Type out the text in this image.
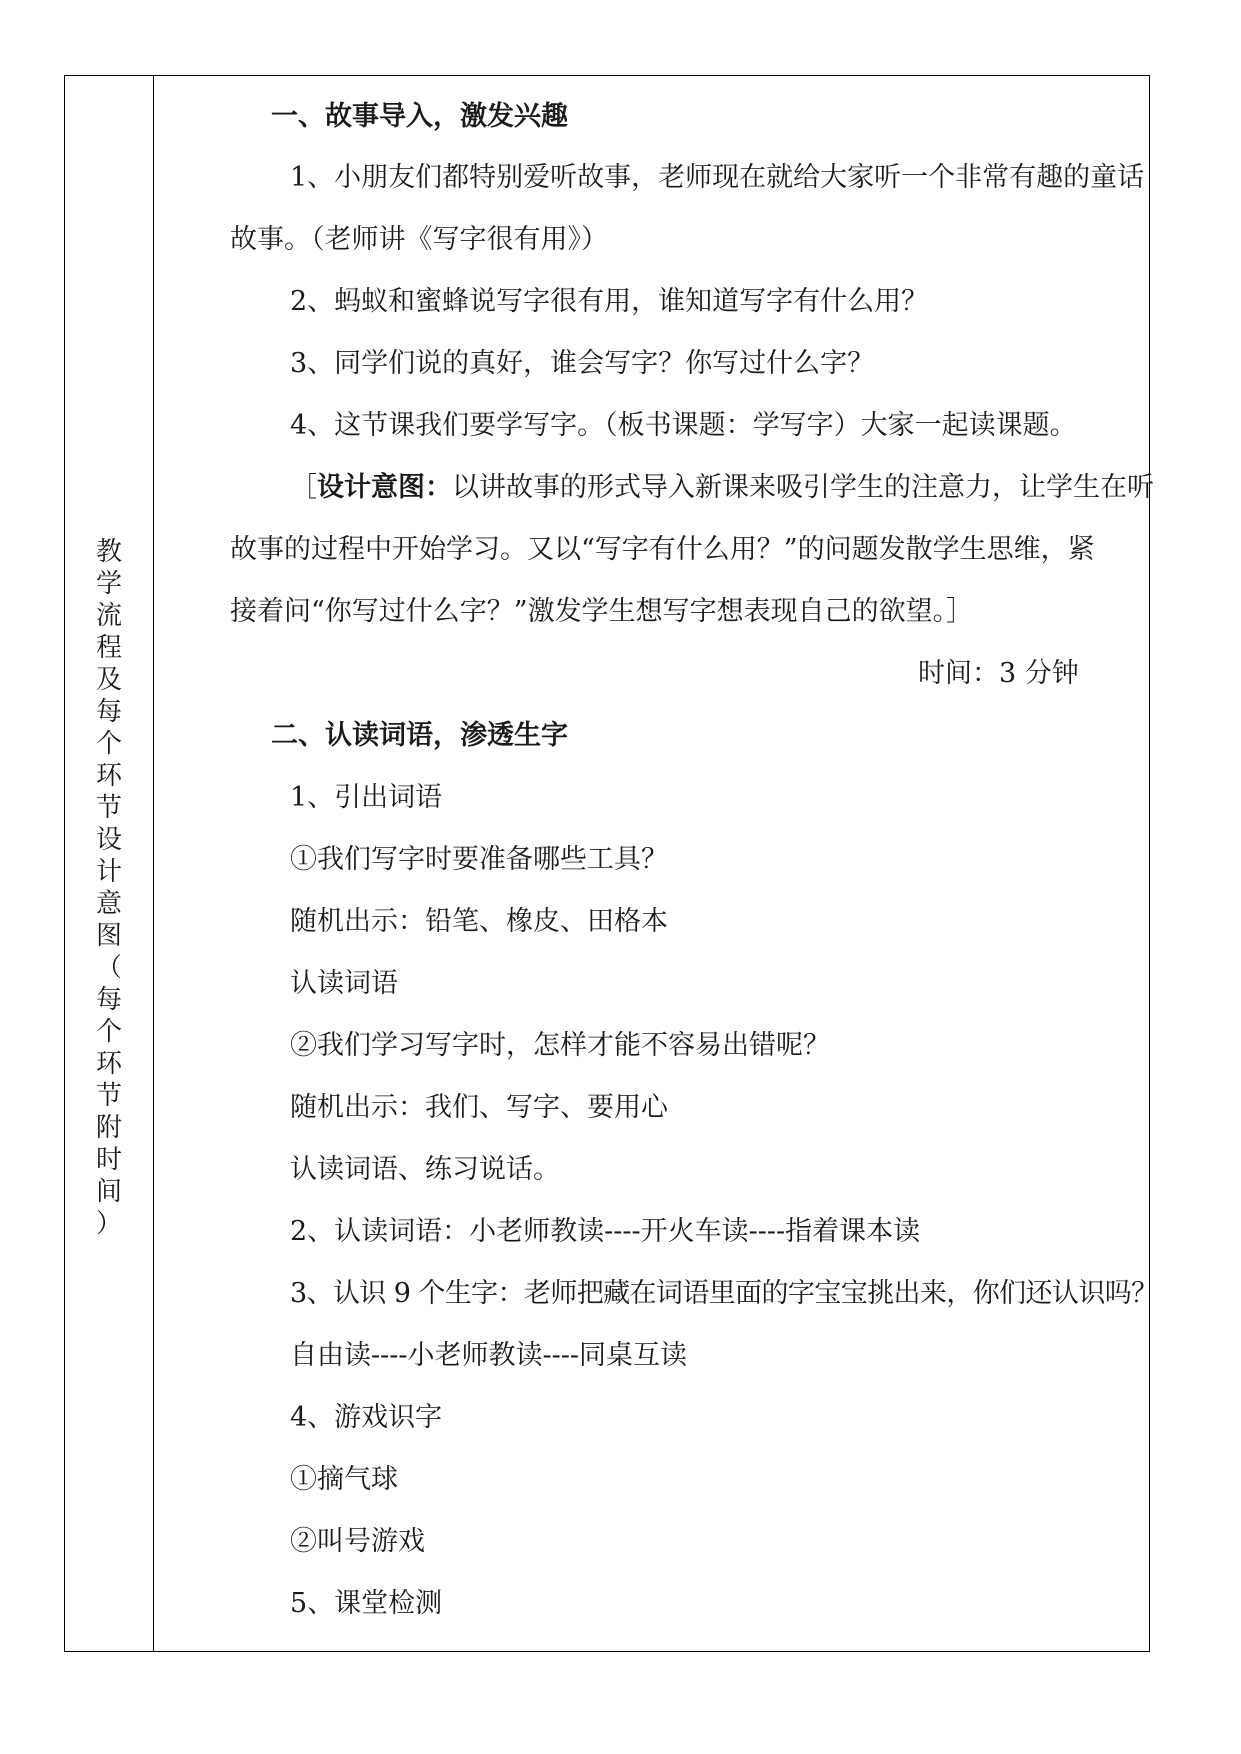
教
学
流
程
及
每
个
环
节
设
计
意
图
（
每
个
环
节
附
时
间
）
一、故事导入，激发兴趣
1、小朋友们都特别爱听故事，老师现在就给大家听一个非常有趣的童话
故事。（老师讲《写字很有用》）
2、蚂蚁和蜜蜂说写字很有用，谁知道写字有什么用？
3、同学们说的真好，谁会写字？你写过什么字？
4、这节课我们要学写字。（板书课题：学写字）大家一起读课题。
［设计意图：以讲故事的形式导入新课来吸引学生的注意力，让学生在听
故事的过程中开始学习。又以“写字有什么用？”的问题发散学生思维，紧
接着问“你写过什么字？”激发学生想写字想表现自己的欲望。］
时间：3 分钟
二、认读词语，渗透生字
1、引出词语
①我们写字时要准备哪些工具？
随机出示：铅笔、橡皮、田格本
认读词语
②我们学习写字时，怎样才能不容易出错呢？
随机出示：我们、写字、要用心
认读词语、练习说话。
2、认读词语：小老师教读----开火车读----指着课本读
3、认识 9 个生字：老师把藏在词语里面的字宝宝挑出来，你们还认识吗？
自由读----小老师教读----同桌互读
4、游戏识字
①摘气球
②叫号游戏
5、课堂检测
